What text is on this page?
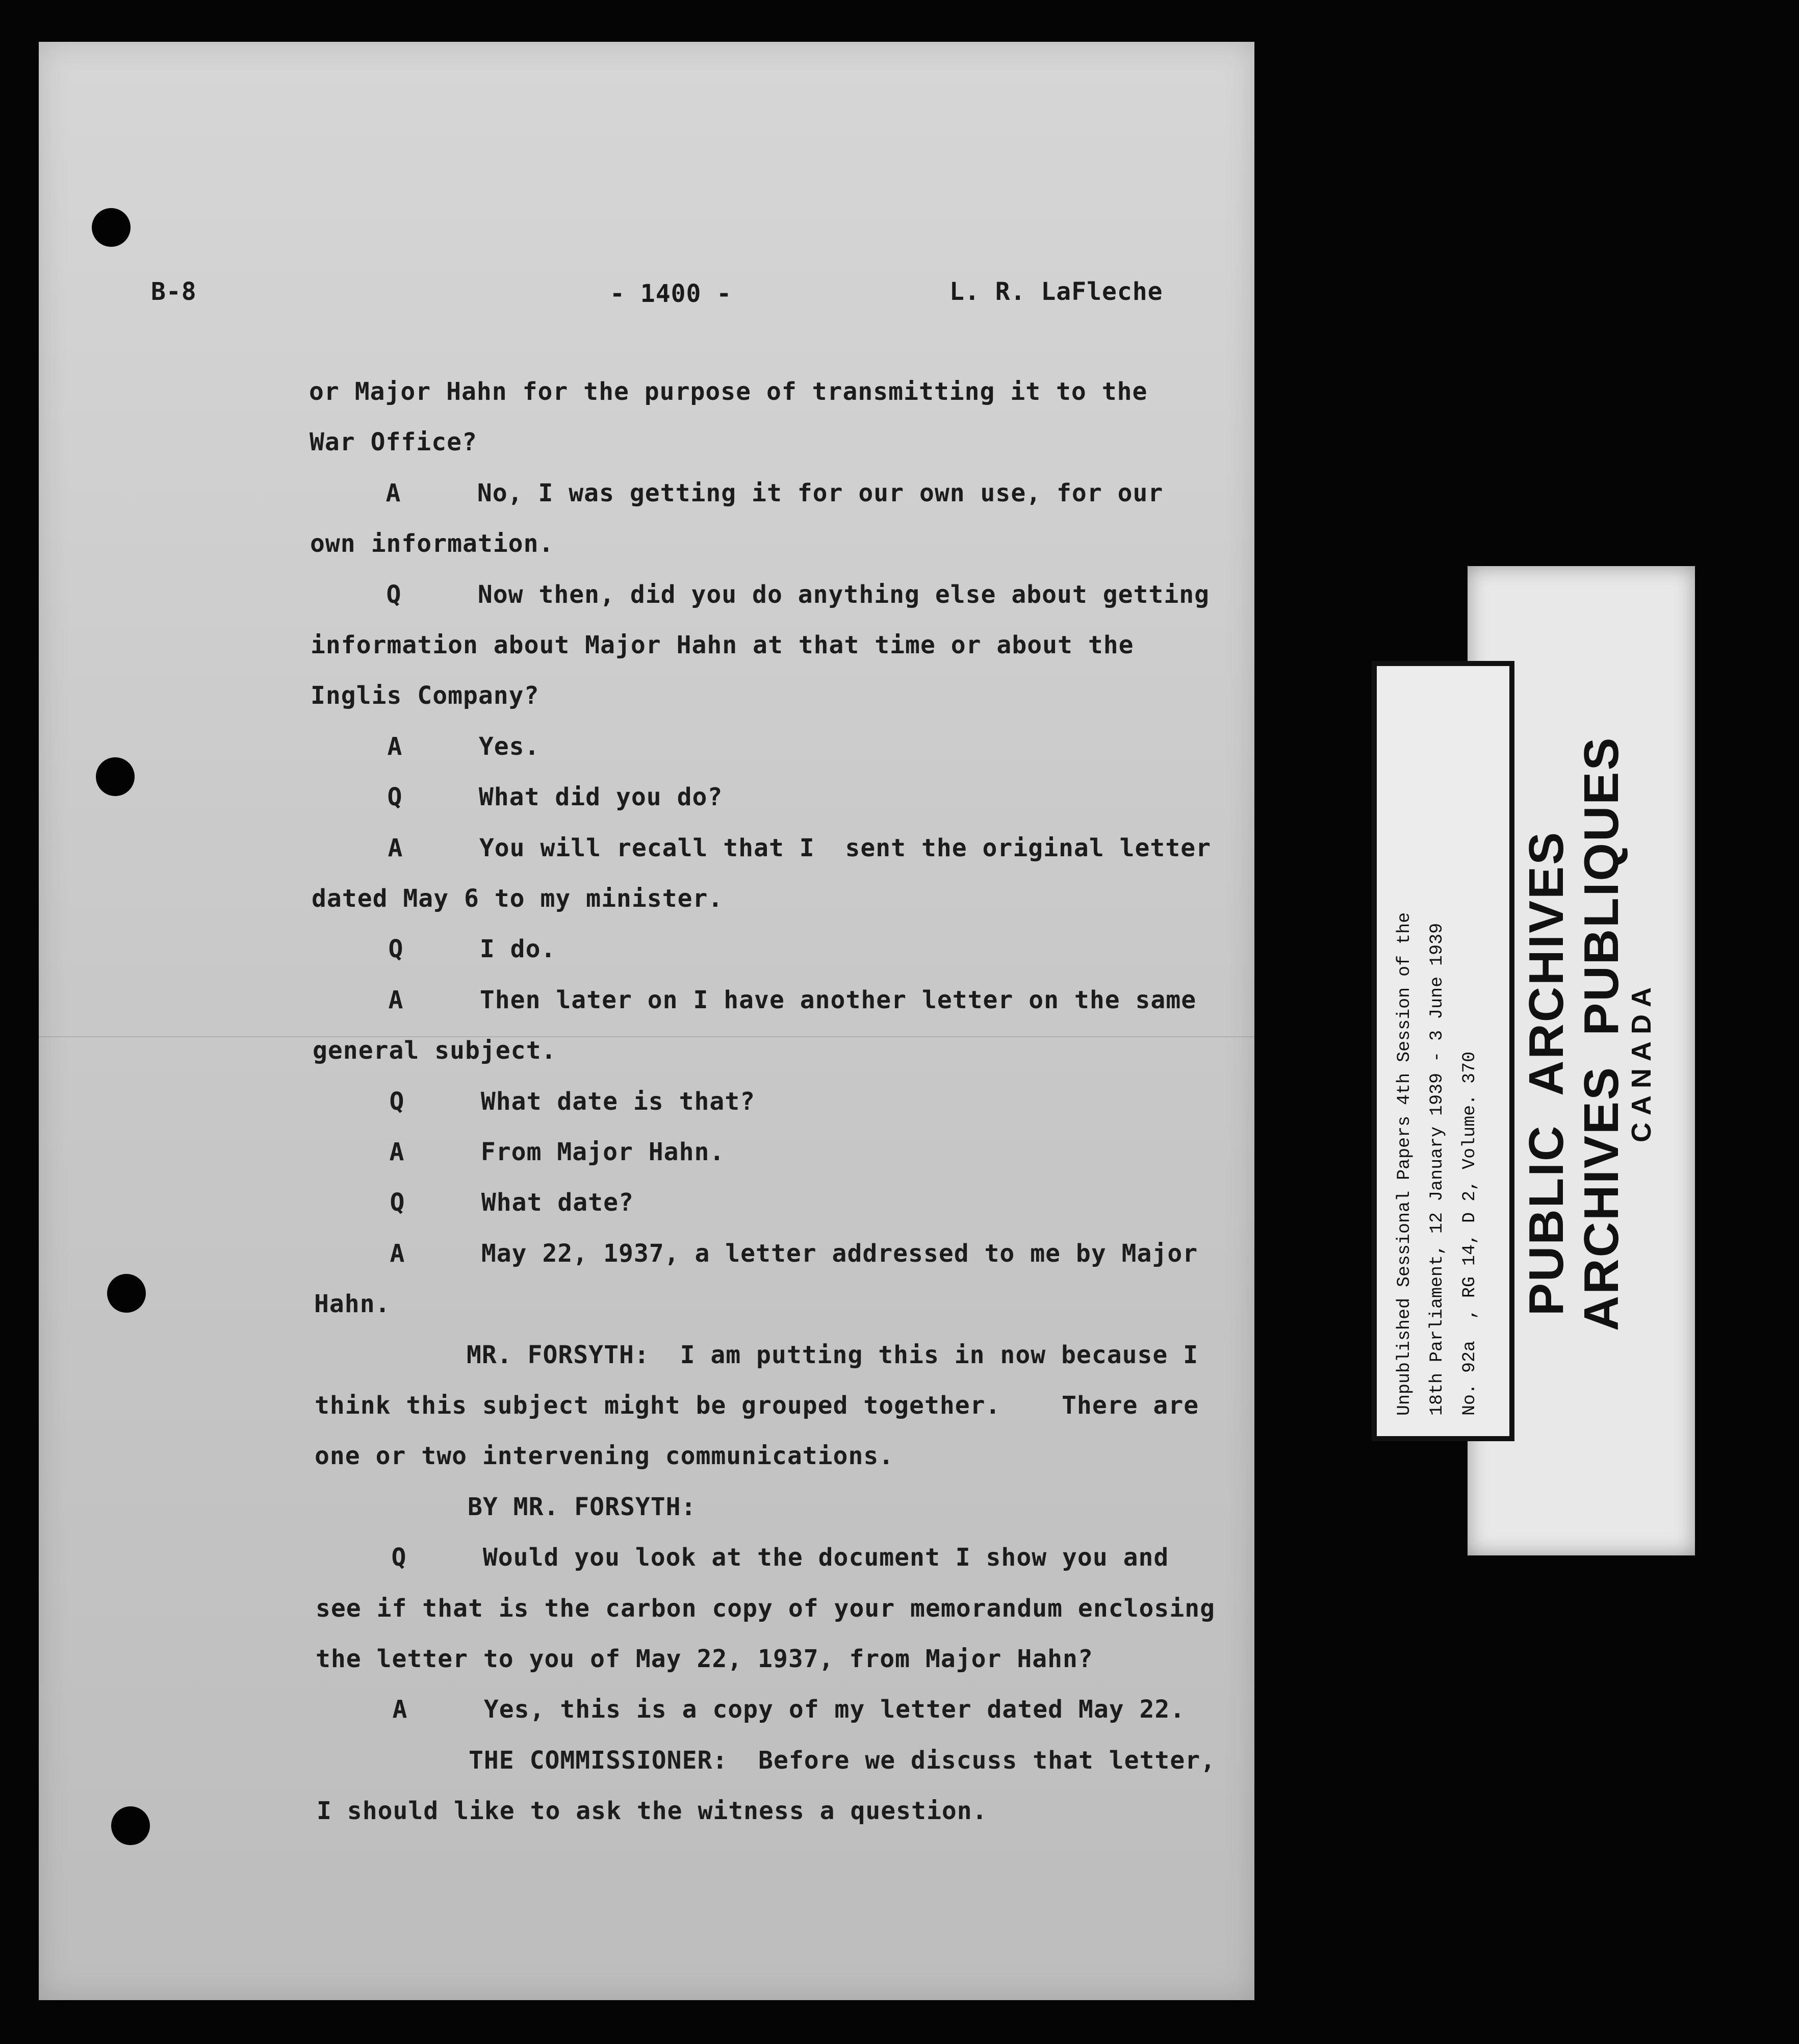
B-8	- 1400 -	L. R. LaFleche

or Major Hahn for the purpose of transmitting it to the

War Office?

A     No, I was getting it for our own use, for our

own information.

Q     Now then, did you do anything else about getting

information about Major Hahn at that time or about the

Inglis Company?

A     Yes.

Q     What did you do?

A     You will recall that I  sent the original letter

dated May 6 to my minister.

Q     I do.

A     Then later on I have another letter on the same

general subject.

Q     What date is that?

A     From Major Hahn.

Q     What date?

A     May 22, 1937, a letter addressed to me by Major

Hahn.

MR. FORSYTH:  I am putting this in now because I

think this subject might be grouped together.    There are

one or two intervening communications.

BY MR. FORSYTH:

Q     Would you look at the document I show you and

see if that is the carbon copy of your memorandum enclosing

the letter to you of May 22, 1937, from Major Hahn?

A     Yes, this is a copy of my letter dated May 22.

THE COMMISSIONER:  Before we discuss that letter,

I should like to ask the witness a question.

PUBLIC  ARCHIVES ARCHIVES  PUBLIQUES

CANADA

Unpublished Sessional Papers 4th Session of the 18th Parliament, 12 January 1939 - 3 June 1939 No. 92a  , RG 14, D 2, Volume. 370
